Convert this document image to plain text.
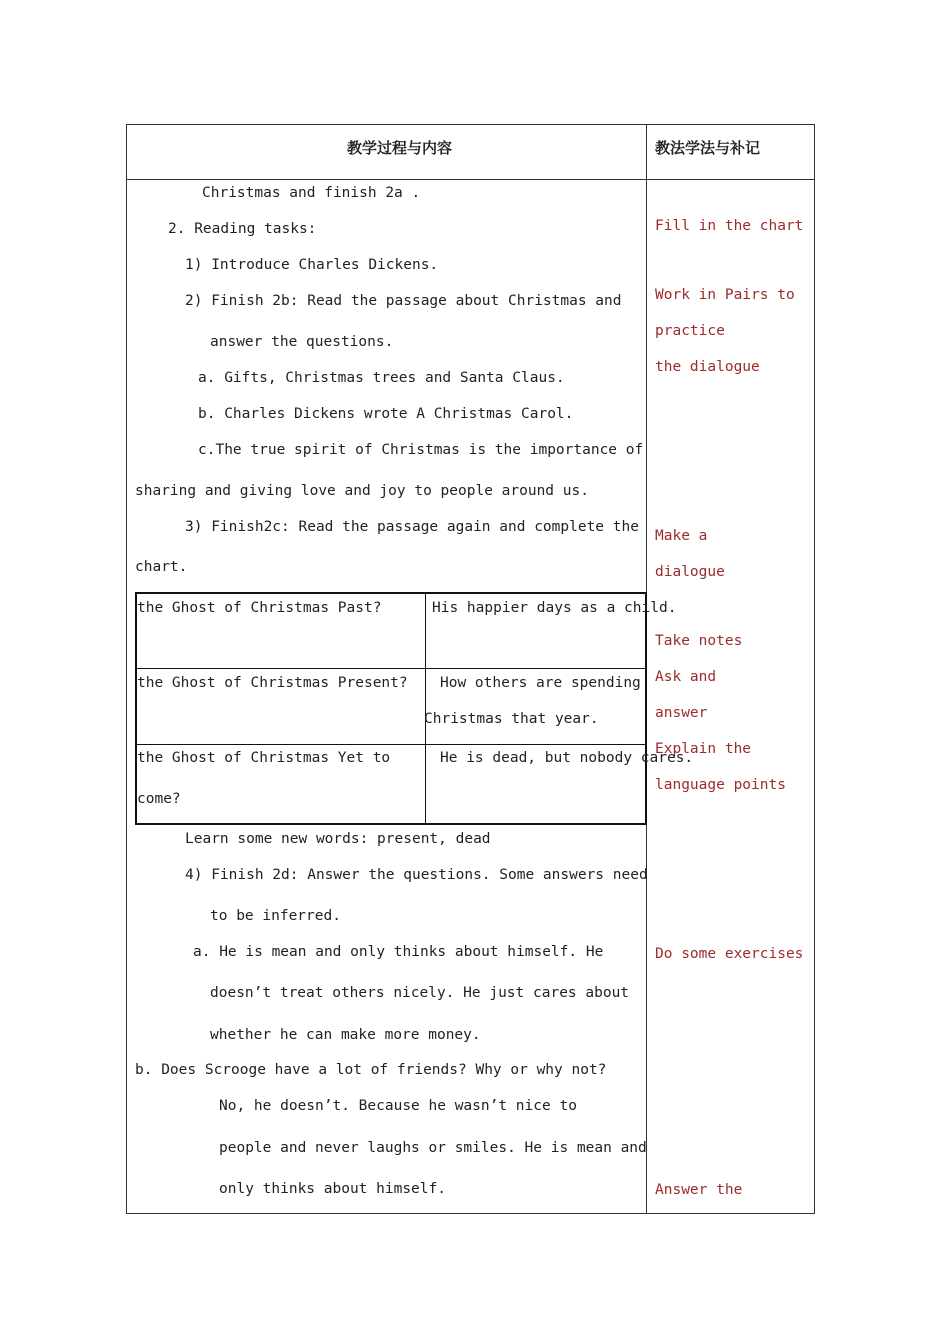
教学过程与内容	教法学法与补记
Christmas and finish 2a .
2. Reading tasks:
1) Introduce Charles Dickens.
2) Finish 2b: Read the passage about Christmas and
answer the questions.
a. Gifts, Christmas trees and Santa Claus.
b. Charles Dickens wrote A Christmas Carol.
c.The true spirit of Christmas is the importance of
sharing and giving love and joy to people around us.
3) Finish2c: Read the passage again and complete the
chart.
the Ghost of Christmas Past?	His happier days as a child.
the Ghost of Christmas Present? How others are spending
Christmas that year.
the Ghost of Christmas Yet to
come?
He is dead, but nobody cares.
Learn some new words: present, dead
4) Finish 2d: Answer the questions. Some answers need
to be inferred.
a. He is mean and only thinks about himself. He
doesn’t treat others nicely. He just cares about
whether he can make more money.
b. Does Scrooge have a lot of friends? Why or why not?
No, he doesn’t. Because he wasn’t nice to
people and never laughs or smiles. He is mean and
only thinks about himself.
Fill in the chart
Work in Pairs to
practice
the dialogue
Make a
dialogue
Take notes
Ask and
answer
Explain the
language points
Do some exercises
Answer the
